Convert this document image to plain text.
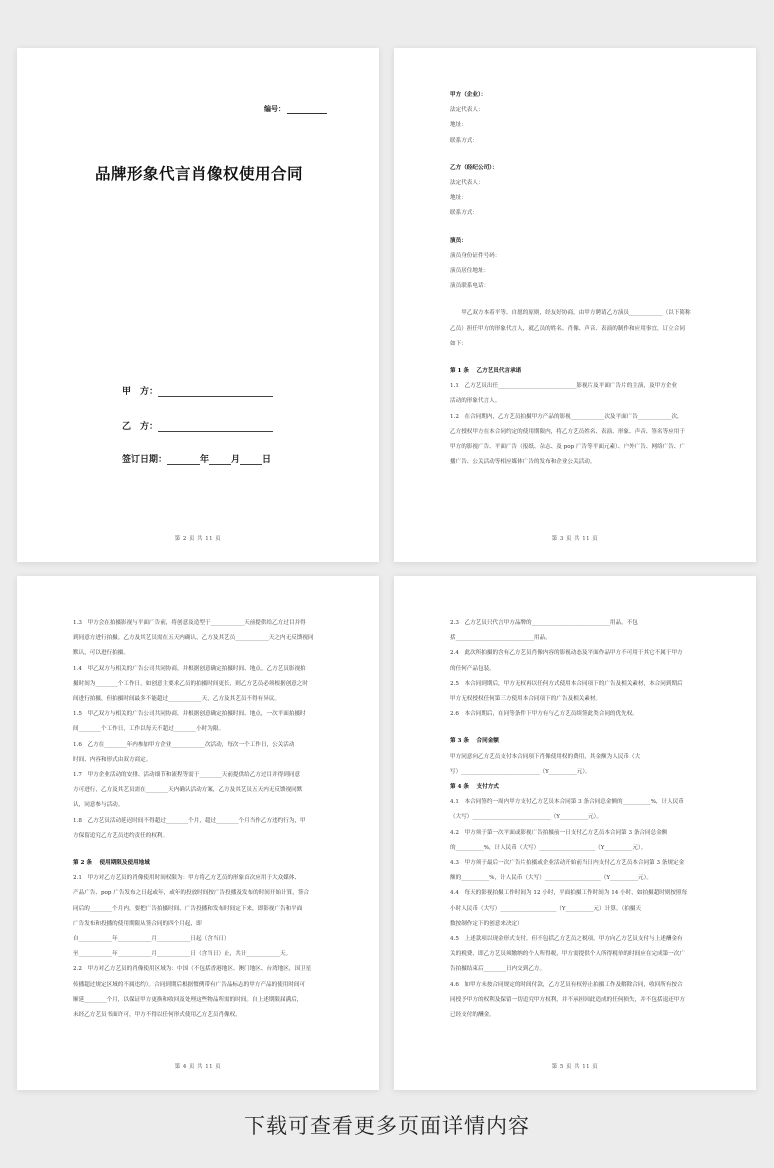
编号：
品牌形象代言肖像权使用合同
甲　方：
乙　方：
签订日期：	年 月 日
第 2 页 共 11 页
甲方（企业）：
法定代表人：
地址：
联系方式：
乙方（经纪公司）：
法定代表人：
地址：
联系方式：
演员：
演员身份证件号码：
演员居住地址：
演员联系电话：
　　甲乙双方本着平等、自愿的原则，经友好协商，由甲方聘请乙方演员____________（以下简称
乙员）担任甲方的形象代言人，就乙员的姓名、肖像、声音、表演的制作和应用事宜，订立合同
如下：
第 1 条　 乙方艺员代言承诺
1.1　乙方艺员出任____________________________影视片及平面广告片的主演，及甲方企业
活动的形象代言人。
1.2　在合同期内，乙方艺员拍摄甲方产品的影视____________次及平面广告____________次，
乙方授权甲方在本合同约定的使用期限内，将乙方艺员姓名、表演、形象、声音、签名等应用于
甲方的影视广告、平面广告（报纸、杂志、及 pop 广告等平面元素）、户外广告、网络广告、广
播广告、公关活动等相应媒体广告的发布和企业公关活动。
第 3 页 共 11 页
1.3　甲方会在拍摄影视与平面广告前，将创意及造型于____________天前提供给乙方过目并得
到同意方进行拍摄。乙方及其艺员需在五天内确认，乙方及其艺员____________天之内无反馈视同
默认，可以进行拍摄。
1.4　甲乙双方与相关的广告公司共同协商，并根据创意确定拍摄时间、地点。乙方艺员影视拍
摄时间为________个工作日，如创意主要求乙员的拍摄时间更长，则乙方艺员必须根据创意之时
间进行拍摄，但拍摄时间最多不能超过____________天，乙方及其艺员不得有异议。
1.5　甲乙双方与相关的广告公司共同协商，并根据创意确定拍摄时间、地点，一次平面拍摄时
间________个工作日，工作以每天不超过________小时为限。
1.6　乙方在________年内参加甲方企业____________次活动，每次一个工作日，公关活动
时间、内容和形式由双方商定。
1.7　甲方企业活动的安排、活动细节和流程等需于________天前提供给乙方过目并得到同意
方可进行，乙方及其艺员需在________天内确认活动方案，乙方及其艺员五天内无反馈视同默
认，同意参与活动。
1.8　乙方艺员活动延迟时间不得超过________个月，超过________个月当作乙方违约行为，甲
方保留追究乙方艺员违约责任的权利。
第 2 条　 使用期限及使用地域
2.1　甲方对乙方艺员的肖像使用时间权限为：甲方将乙方艺员的形象首次应用于大众媒体、
产品广告、pop 广告发布之日起或年，或年的投放时间按广告投播及发布的时间开始计算，签合
同后的________个月内，要把广告拍摄时间、广告投播和发布时间定下来，即影视广告和平面
广告发布和投播的使用期限从签合同的四个月起，即
自____________年____________月____________日起（含当日）
至____________年____________月____________日（含当日）止，共计____________天。
2.2　甲方对乙方艺员的肖像使用区域为：中国（不包括香港地区、澳门地区、台湾地区，国卫星
传播超过规定区域的不属违约）。合同到期后根据惯例带有广告品标志的甲方产品的使用时间可
顺延________个月，以保证甲方更换和收回及处理这些物品所需的时间。自上述期限届满后，
未经乙方艺员书面许可，甲方不得以任何形式使用乙方艺员肖像权。
第 4 页 共 11 页
2.3　乙方艺员只代言甲方品牌的____________________________用品，不包
括____________________________用品。
2.4　此次所拍摄的含有乙方艺员肖像内容的影视动态及平面作品甲方不可用于其它不属于甲方
的任何产品包装。
2.5　本合同到期后，甲方无权再以任何方式使用本合同项下的广告及相关素材，本合同到期后
甲方无权授权任何第三方使用本合同项下的广告及相关素材。
2.6　本合同期后，在同等条件下甲方有与乙方艺员续签此类合同的优先权。
第 3 条　 合同金额
甲方同意向乙方艺员支付本合同项下肖像使用权的费用，其金额为人民币（大
写）____________________________（Y__________元）。
第 4 条　 支付方式
4.1　本合同签约一周内甲方支付乙方艺员本合同第 3 条合同总金额的__________%，计人民币
（大写）____________________________（Y__________元）。
4.2　甲方须于第一次平面或影视广告拍摄前一日支付乙方艺员本合同第 3 条合同总金额
的__________%，计人民币（大写）____________________（Y__________元）。
4.3　甲方须于最后一次广告片拍摄或企业活动开始前当日内支付乙方艺员本合同第 3 条规定金
额的__________%，计人民币（大写）____________________（Y__________元）。
4.4　每天的影视拍摄工作时间为 12 小时，平面拍摄工作时间为 14 小时，如拍摄超时则按照每
小时人民币（大写）____________________（Y__________元）计算。（拍摄天
数按制作定下的创意来决定）
4.5　上述款项以现金形式支付，但不包括乙方艺员之税项，甲方向乙方艺员支付与上述酬金有
关的税费，即乙方艺员须缴纳的个人所得税，甲方需提供个人所得税单的时间应在完成第一次广
告拍摄结束后________日内交到乙方。
4.6　如甲方未按合同规定的时间付款，乙方艺员有权停止拍摄工作及解除合同，收回所有按合
同授予甲方的权利及保留一切追究甲方权利，并不承担因此造成的任何损失，并不包括退还甲方
已经支付的酬金。
第 5 页 共 11 页
下载可查看更多页面详情内容
